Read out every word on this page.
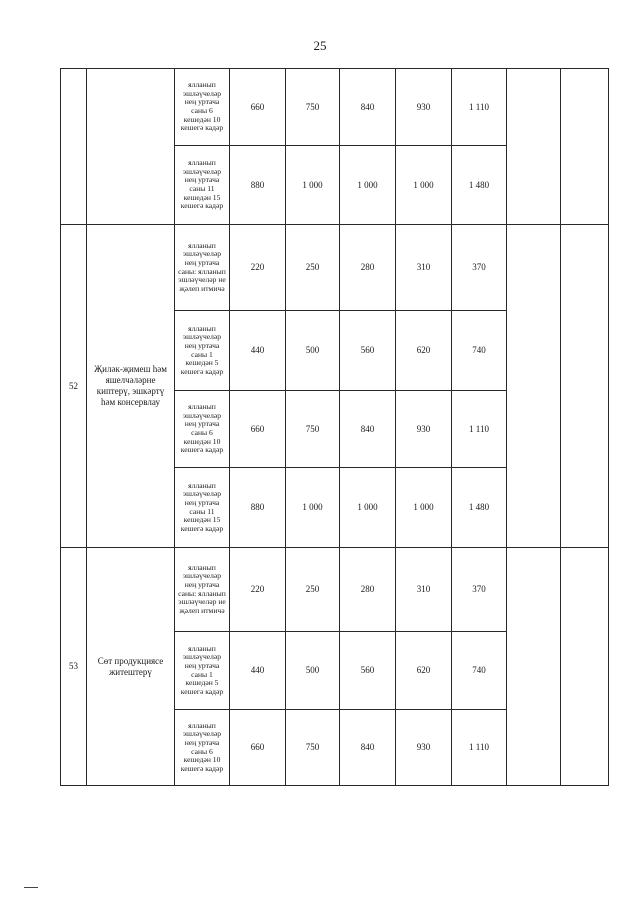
25
		ялланып эшләүчеләр нең уртача саны 6 кешедән 10 кешегә кадәр	660	750	840	930	1 110		
		ялланып эшләүчеләр нең уртача саны 11 кешедән 15 кешегә кадәр	880	1 000	1 000	1 000	1 480		
52	Җиләк-җимеш һәм яшелчәләрне киптерү, эшкәртү һәм консервлау	ялланып эшләүчеләр нең уртача саны: ялланып эшләүчеләр не җәлеп итмичә	220	250	280	310	370		
		ялланып эшләүчеләр нең уртача саны 1 кешедән 5 кешегә кадәр	440	500	560	620	740		
		ялланып эшләүчеләр нең уртача саны 6 кешедән 10 кешегә кадәр	660	750	840	930	1 110		
		ялланып эшләүчеләр нең уртача саны 11 кешедән 15 кешегә кадәр	880	1 000	1 000	1 000	1 480		
53	Сөт продукциясе житештерү	ялланып эшләүчеләр нең уртача саны: ялланып эшләүчеләр не җәлеп итмичә	220	250	280	310	370		
		ялланып эшләүчеләр нең уртача саны 1 кешедән 5 кешегә кадәр	440	500	560	620	740		
		ялланып эшләүчеләр нең уртача саны 6 кешедән 10 кешегә кадәр	660	750	840	930	1 110		
